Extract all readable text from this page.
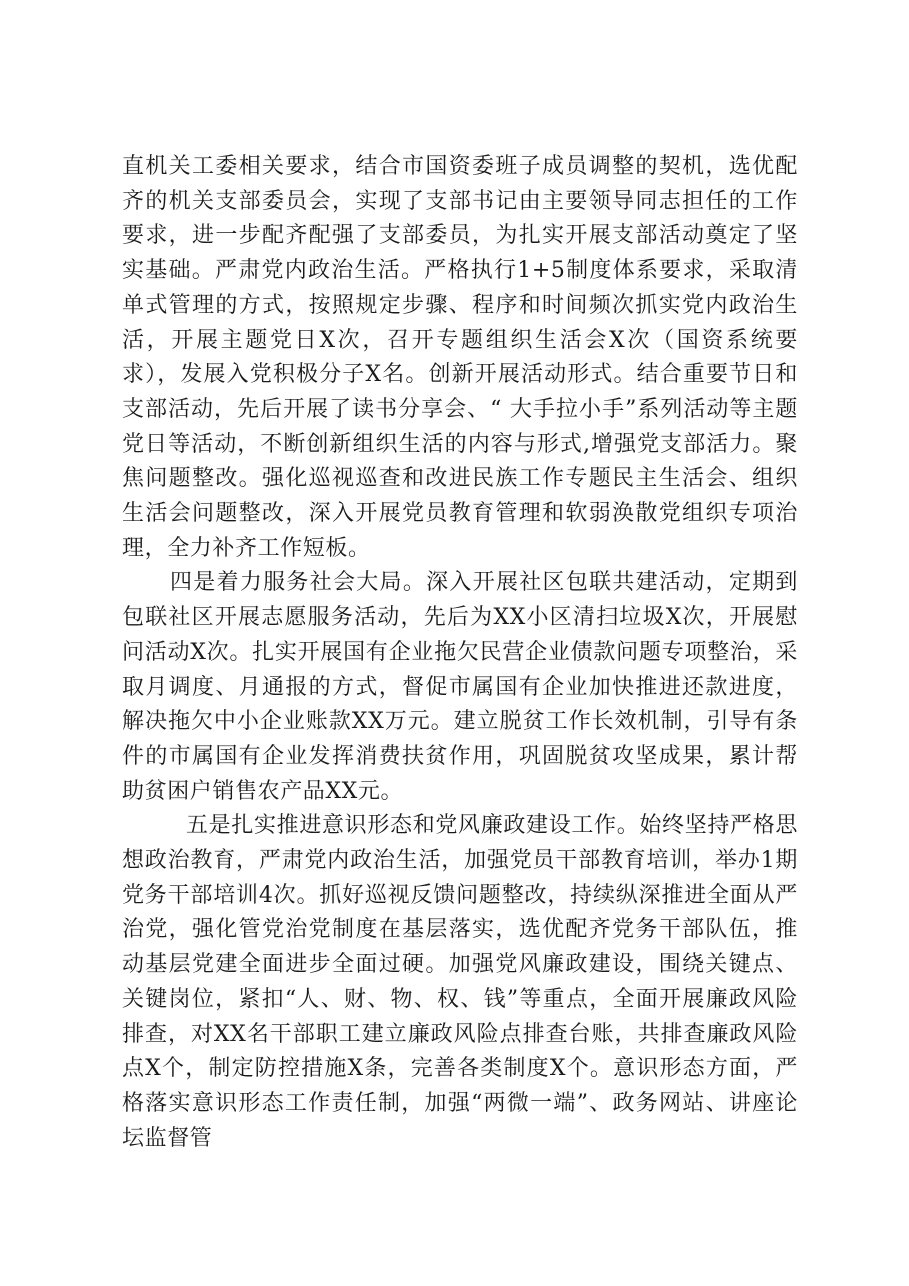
直机关工委相关要求，结合市国资委班子成员调整的契机，选优配齐的机关支部委员会，实现了支部书记由主要领导同志担任的工作要求，进一步配齐配强了支部委员，为扎实开展支部活动奠定了坚实基础。严肃党内政治生活。严格执行1+5制度体系要求，采取清单式管理的方式，按照规定步骤、程序和时间频次抓实党内政治生活，开展主题党日X次，召开专题组织生活会X次（国资系统要求），发展入党积极分子X名。创新开展活动形式。结合重要节日和支部活动，先后开展了读书分享会、“ 大手拉小手”系列活动等主题党日等活动，不断创新组织生活的内容与形式,增强党支部活力。聚焦问题整改。强化巡视巡查和改进民族工作专题民主生活会、组织生活会问题整改，深入开展党员教育管理和软弱涣散党组织专项治理，全力补齐工作短板。

四是着力服务社会大局。深入开展社区包联共建活动，定期到包联社区开展志愿服务活动，先后为XX小区清扫垃圾X次，开展慰问活动X次。扎实开展国有企业拖欠民营企业债款问题专项整治，采取月调度、月通报的方式，督促市属国有企业加快推进还款进度，解决拖欠中小企业账款XX万元。建立脱贫工作长效机制，引导有条件的市属国有企业发挥消费扶贫作用，巩固脱贫攻坚成果，累计帮助贫困户销售农产品XX元。

五是扎实推进意识形态和党风廉政建设工作。始终坚持严格思想政治教育，严肃党内政治生活，加强党员干部教育培训，举办1期党务干部培训4次。抓好巡视反馈问题整改，持续纵深推进全面从严治党，强化管党治党制度在基层落实，选优配齐党务干部队伍，推动基层党建全面进步全面过硬。加强党风廉政建设，围绕关键点、关键岗位，紧扣“人、财、物、权、钱”等重点，全面开展廉政风险排查，对XX名干部职工建立廉政风险点排查台账，共排查廉政风险点X个，制定防控措施X条，完善各类制度X个。意识形态方面，严格落实意识形态工作责任制，加强“两微一端”、政务网站、讲座论坛监督管
